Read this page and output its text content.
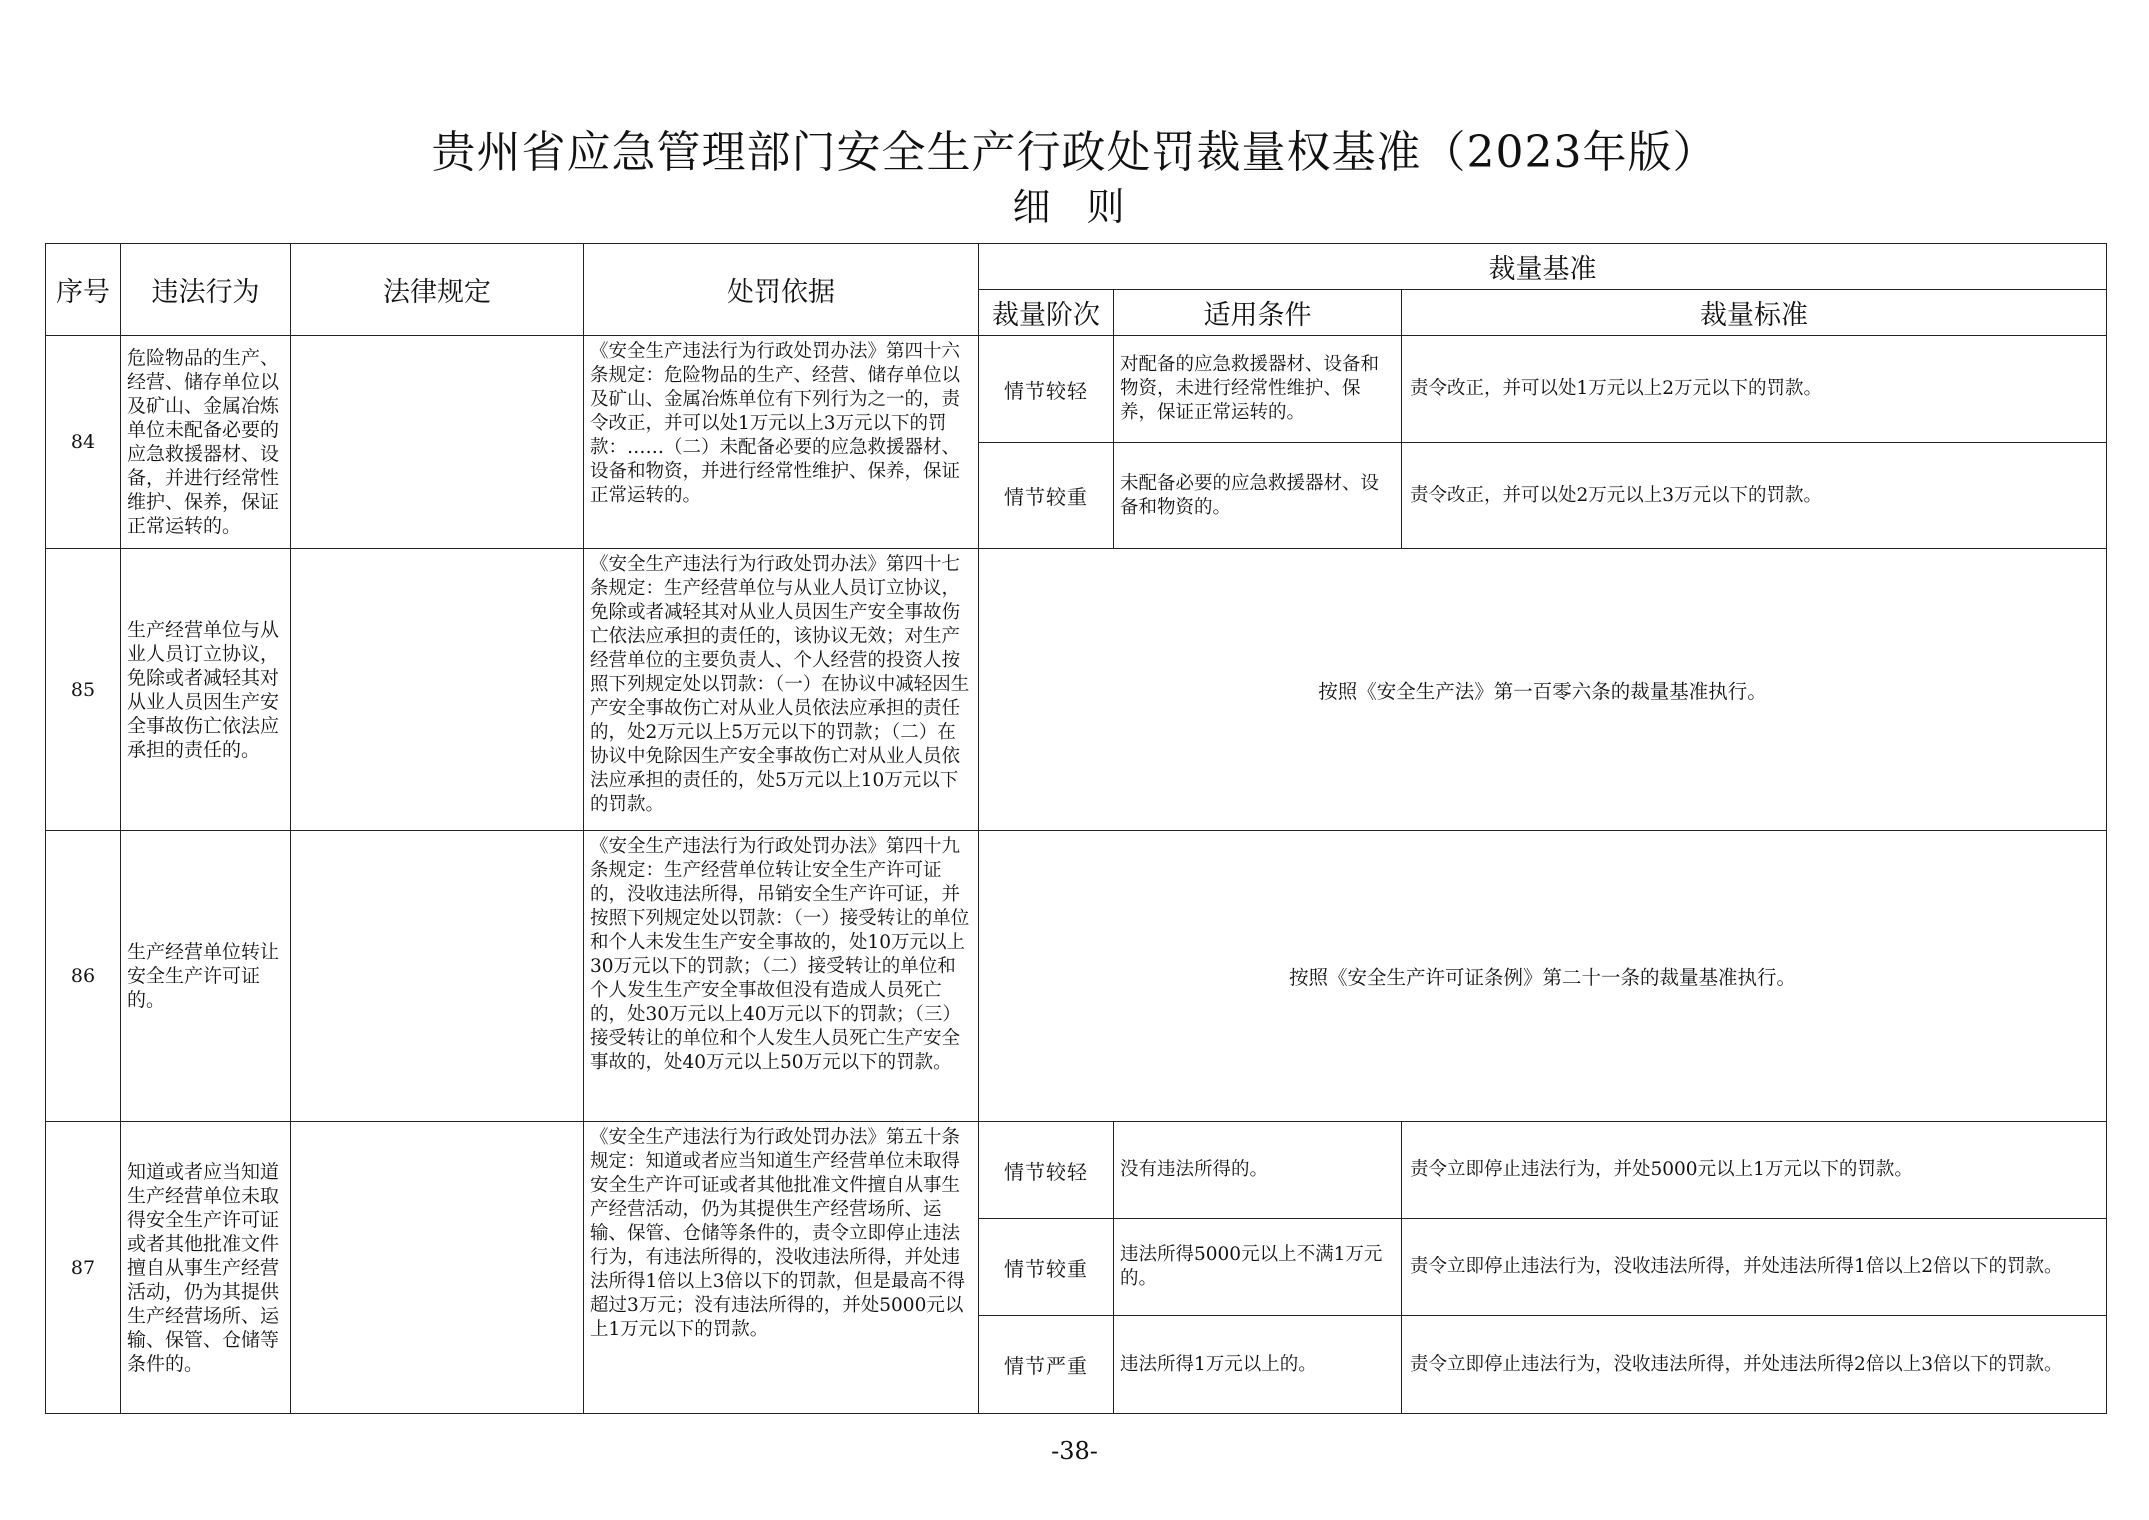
贵州省应急管理部门安全生产行政处罚裁量权基准（2023年版）
细 则
序号	违法行为	法律规定	处罚依据	裁量基准		
				裁量阶次	适用条件	裁量标准
84	危险物品的生产、经营、储存单位以及矿山、金属冶炼单位未配备必要的应急救援器材、设备，并进行经常性维护、保养，保证正常运转的。		《安全生产违法行为行政处罚办法》第四十六条规定：危险物品的生产、经营、储存单位以及矿山、金属冶炼单位有下列行为之一的，责令改正，并可以处1万元以上3万元以下的罚款：……（二）未配备必要的应急救援器材、设备和物资，并进行经常性维护、保养，保证正常运转的。	情节较轻	对配备的应急救援器材、设备和物资，未进行经常性维护、保养，保证正常运转的。	责令改正，并可以处1万元以上2万元以下的罚款。
				情节较重	未配备必要的应急救援器材、设备和物资的。	责令改正，并可以处2万元以上3万元以下的罚款。
85	生产经营单位与从业人员订立协议，免除或者减轻其对从业人员因生产安全事故伤亡依法应承担的责任的。		《安全生产违法行为行政处罚办法》第四十七条规定：生产经营单位与从业人员订立协议，免除或者减轻其对从业人员因生产安全事故伤亡依法应承担的责任的，该协议无效；对生产经营单位的主要负责人、个人经营的投资人按照下列规定处以罚款：（一）在协议中减轻因生产安全事故伤亡对从业人员依法应承担的责任的，处2万元以上5万元以下的罚款；（二）在协议中免除因生产安全事故伤亡对从业人员依法应承担的责任的，处5万元以上10万元以下的罚款。	按照《安全生产法》第一百零六条的裁量基准执行。		
86	生产经营单位转让安全生产许可证的。		《安全生产违法行为行政处罚办法》第四十九条规定：生产经营单位转让安全生产许可证的，没收违法所得，吊销安全生产许可证，并按照下列规定处以罚款：（一）接受转让的单位和个人未发生生产安全事故的，处10万元以上30万元以下的罚款；（二）接受转让的单位和个人发生生产安全事故但没有造成人员死亡的，处30万元以上40万元以下的罚款；（三）接受转让的单位和个人发生人员死亡生产安全事故的，处40万元以上50万元以下的罚款。	按照《安全生产许可证条例》第二十一条的裁量基准执行。		
87	知道或者应当知道生产经营单位未取得安全生产许可证或者其他批准文件擅自从事生产经营活动，仍为其提供生产经营场所、运输、保管、仓储等条件的。		《安全生产违法行为行政处罚办法》第五十条规定：知道或者应当知道生产经营单位未取得安全生产许可证或者其他批准文件擅自从事生产经营活动，仍为其提供生产经营场所、运输、保管、仓储等条件的，责令立即停止违法行为，有违法所得的，没收违法所得，并处违法所得1倍以上3倍以下的罚款，但是最高不得超过3万元；没有违法所得的，并处5000元以上1万元以下的罚款。	情节较轻	没有违法所得的。	责令立即停止违法行为，并处5000元以上1万元以下的罚款。
				情节较重	违法所得5000元以上不满1万元的。	责令立即停止违法行为，没收违法所得，并处违法所得1倍以上2倍以下的罚款。
				情节严重	违法所得1万元以上的。	责令立即停止违法行为，没收违法所得，并处违法所得2倍以上3倍以下的罚款。
-38-
